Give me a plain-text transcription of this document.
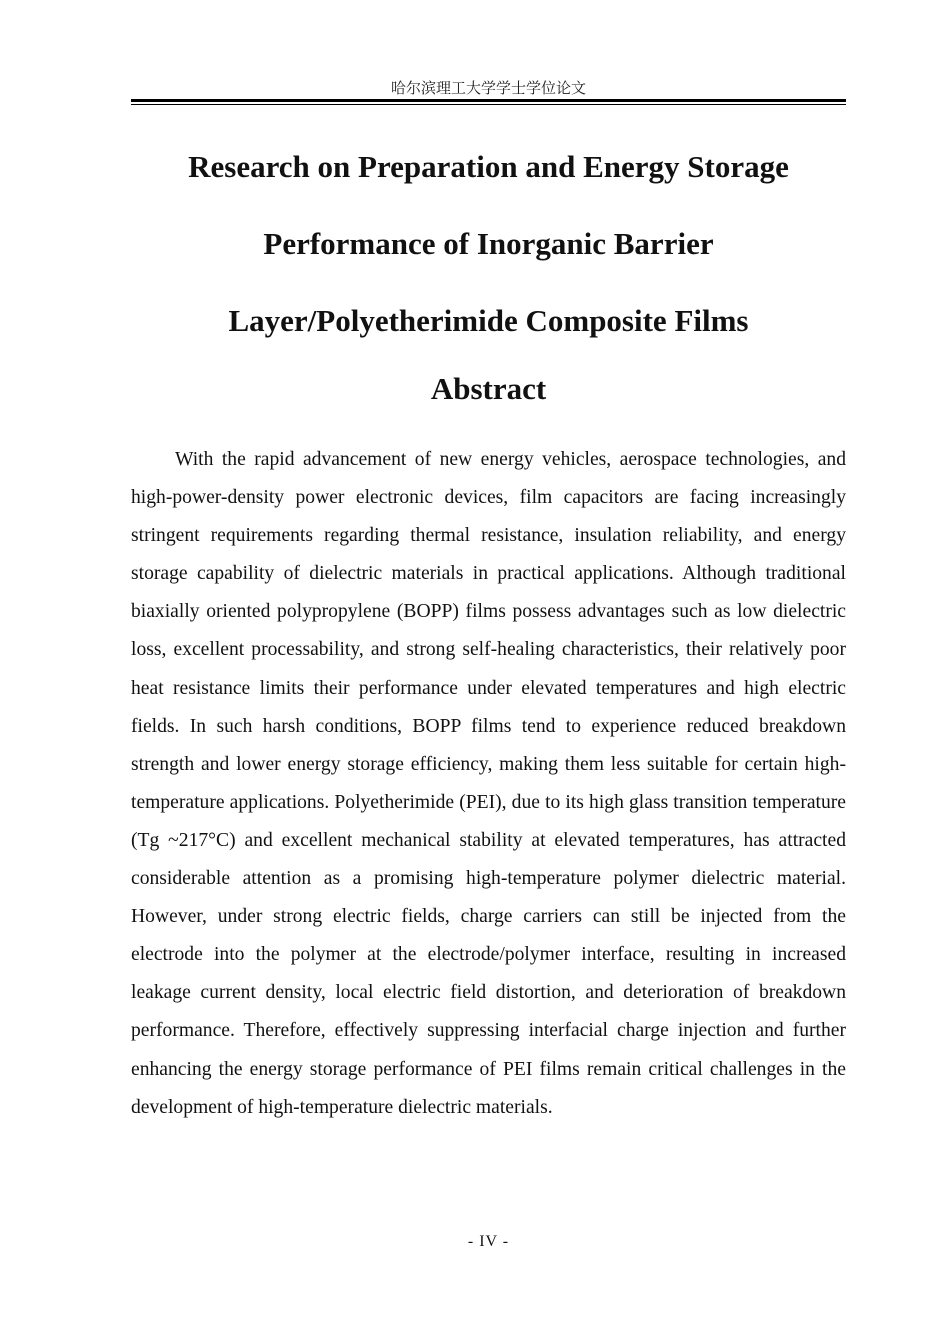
哈尔滨理工大学学士学位论文
Research on Preparation and Energy Storage
Performance of Inorganic Barrier
Layer/Polyetherimide Composite Films
Abstract

With the rapid advancement of new energy vehicles, aerospace technologies, and high-power-density power electronic devices, film capacitors are facing increasingly stringent requirements regarding thermal resistance, insulation reliability, and energy storage capability of dielectric materials in practical applications. Although traditional biaxially oriented polypropylene (BOPP) films possess advantages such as low dielectric loss, excellent processability, and strong self-healing characteristics, their relatively poor heat resistance limits their performance under elevated temperatures and high electric fields. In such harsh conditions, BOPP films tend to experience reduced breakdown strength and lower energy storage efficiency, making them less suitable for certain high-temperature applications. Polyetherimide (PEI), due to its high glass transition temperature (Tg ~217°C) and excellent mechanical stability at elevated temperatures, has attracted considerable attention as a promising high-temperature polymer dielectric material. However, under strong electric fields, charge carriers can still be injected from the electrode into the polymer at the electrode/polymer interface, resulting in increased leakage current density, local electric field distortion, and deterioration of breakdown performance. Therefore, effectively suppressing interfacial charge injection and further enhancing the energy storage performance of PEI films remain critical challenges in the development of high-temperature dielectric materials.

- IV -
